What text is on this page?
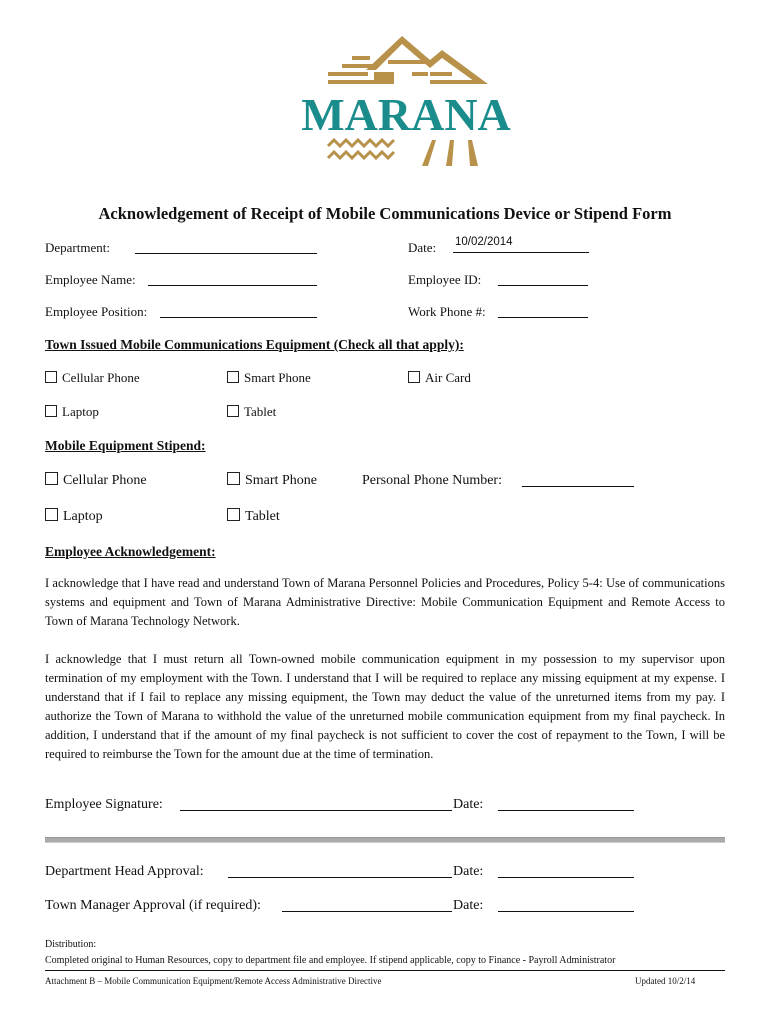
MARANA
Acknowledgement of Receipt of Mobile Communications Device or Stipend Form
Department:	Date: 10/02/2014
Employee Name:	Employee ID:
Employee Position:	Work Phone #:
Town Issued Mobile Communications Equipment (Check all that apply):
Cellular Phone	Smart Phone	Air Card
Laptop	Tablet
Mobile Equipment Stipend:
Cellular Phone	Smart Phone	Personal Phone Number:
Laptop	Tablet
Employee Acknowledgement:
I acknowledge that I have read and understand Town of Marana Personnel Policies and Procedures, Policy 5-4: Use of communications systems and equipment and Town of Marana Administrative Directive: Mobile Communication Equipment and Remote Access to Town of Marana Technology Network.
I acknowledge that I must return all Town-owned mobile communication equipment in my possession to my supervisor upon termination of my employment with the Town. I understand that I will be required to replace any missing equipment at my expense. I understand that if I fail to replace any missing equipment, the Town may deduct the value of the unreturned items from my pay. I authorize the Town of Marana to withhold the value of the unreturned mobile communication equipment from my final paycheck. In addition, I understand that if the amount of my final paycheck is not sufficient to cover the cost of repayment to the Town, I will be required to reimburse the Town for the amount due at the time of termination.
Employee Signature:	Date:
Department Head Approval:	Date:
Town Manager Approval (if required):	Date:
Distribution:
Completed original to Human Resources, copy to department file and employee. If stipend applicable, copy to Finance - Payroll Administrator
Attachment B – Mobile Communication Equipment/Remote Access Administrative Directive	Updated 10/2/14
